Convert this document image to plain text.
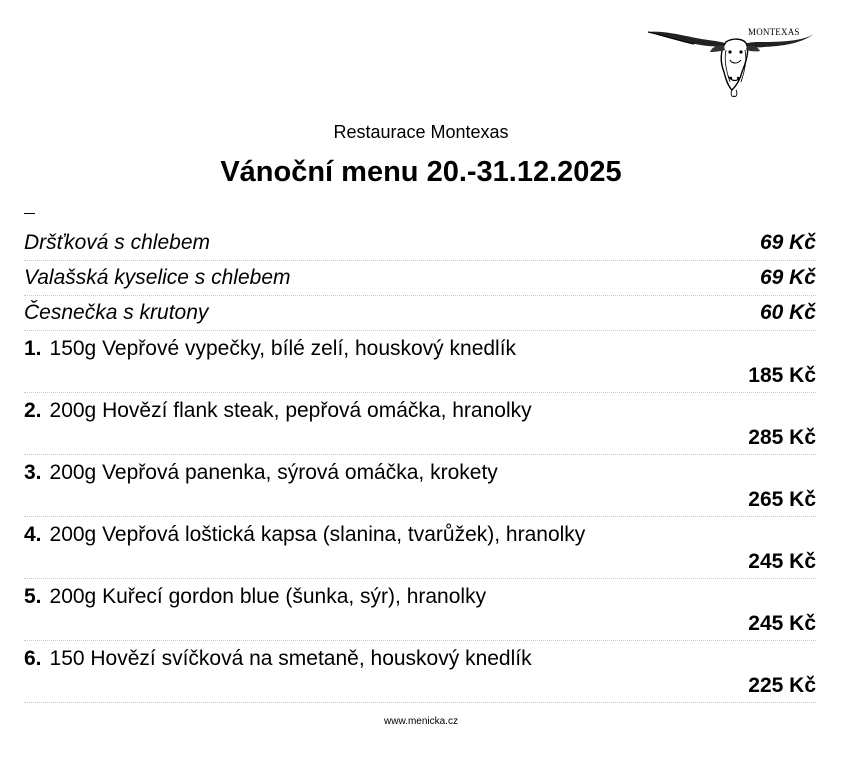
MONTEXAS
Restaurace Montexas
Vánoční menu 20.-31.12.2025
Dršťková s chlebem	69 Kč
Valašská kyselice s chlebem	69 Kč
Česnečka s krutony	60 Kč
1. 150g Vepřové vypečky, bílé zelí, houskový knedlík
185 Kč
2. 200g Hovězí flank steak, pepřová omáčka, hranolky
285 Kč
3. 200g Vepřová panenka, sýrová omáčka, krokety
265 Kč
4. 200g Vepřová loštická kapsa (slanina, tvarůžek), hranolky
245 Kč
5. 200g Kuřecí gordon blue (šunka, sýr), hranolky
245 Kč
6. 150 Hovězí svíčková na smetaně, houskový knedlík
225 Kč
www.menicka.cz
